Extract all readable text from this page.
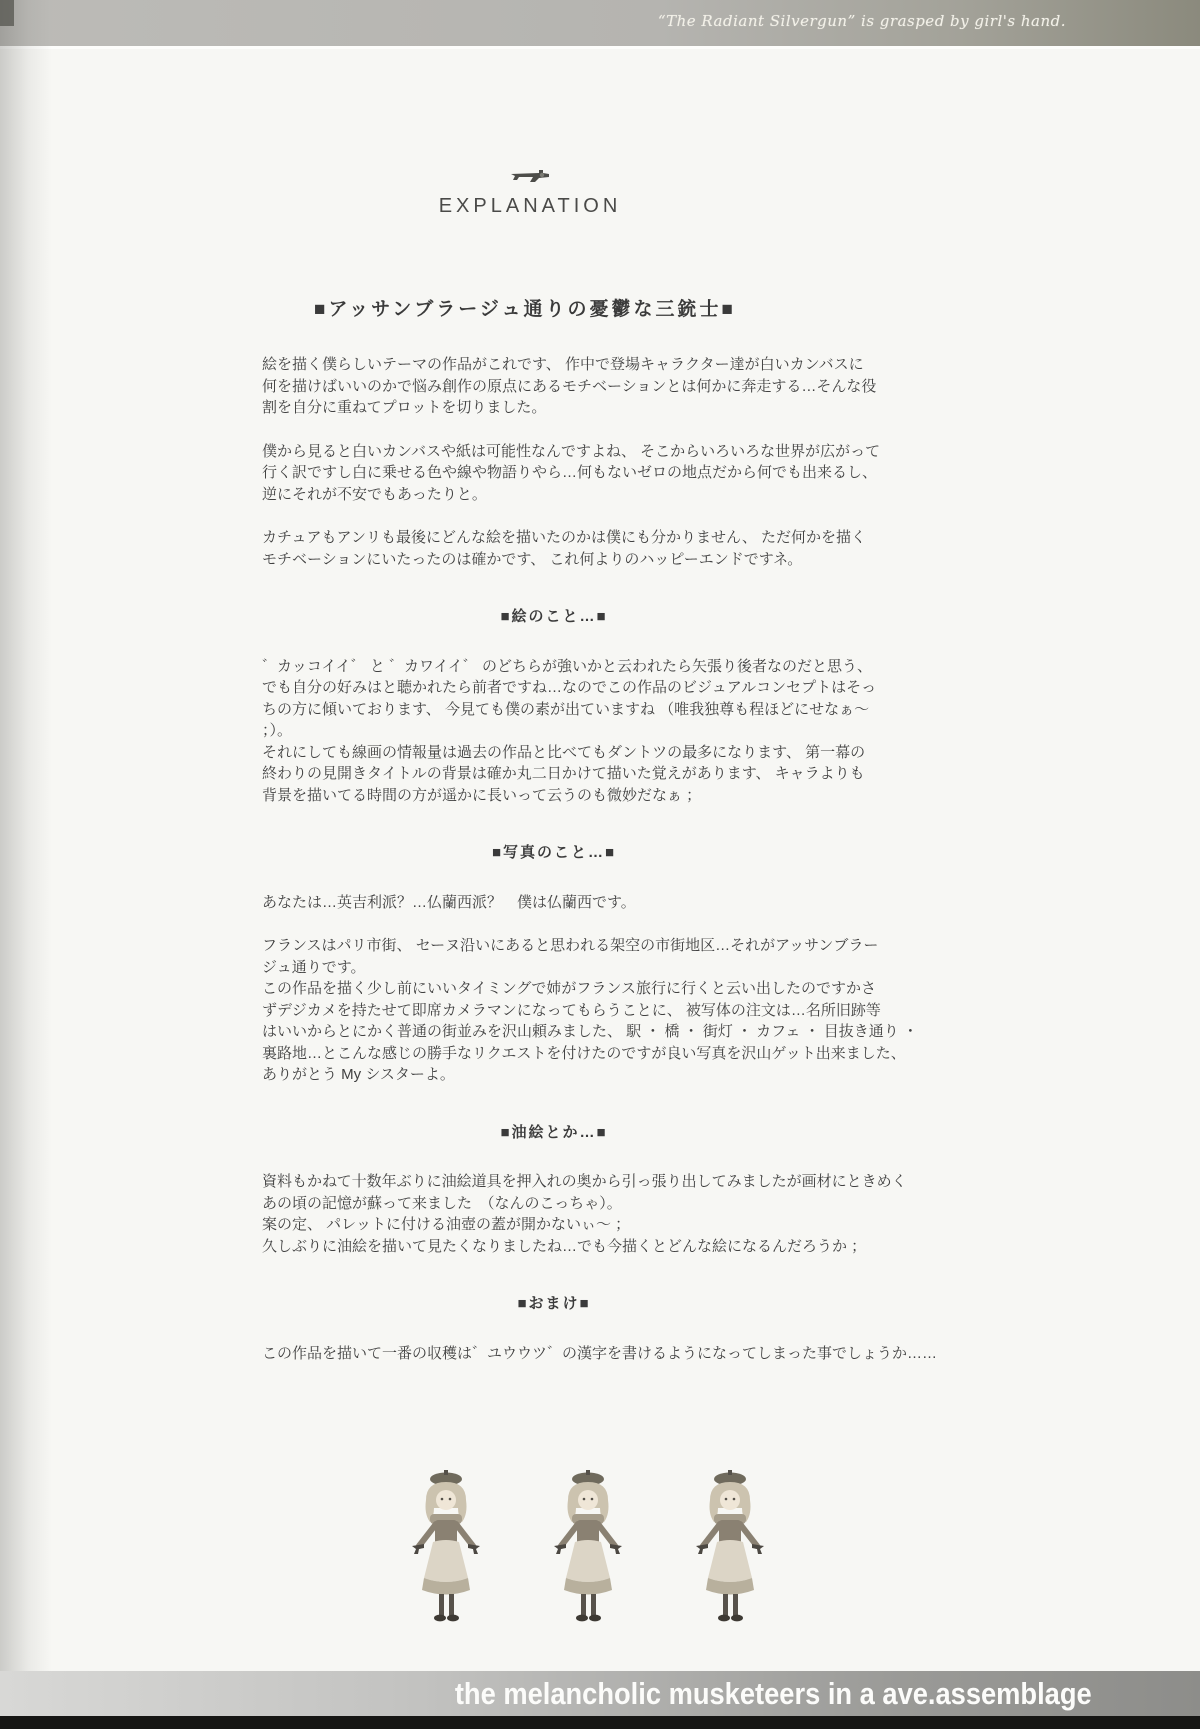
“The Radiant Silvergun” is grasped by girl's hand.
EXPLANATION
■アッサンブラージュ通りの憂鬱な三銃士■
絵を描く僕らしいテーマの作品がこれです、 作中で登場キャラクター達が白いカンバスに
何を描けばいいのかで悩み創作の原点にあるモチベーションとは何かに奔走する…そんな役
割を自分に重ねてプロットを切りました。
僕から見ると白いカンバスや紙は可能性なんですよね、 そこからいろいろな世界が広がって
行く訳ですし白に乗せる色や線や物語りやら…何もないゼロの地点だから何でも出来るし、
逆にそれが不安でもあったりと。
カチュアもアンリも最後にどんな絵を描いたのかは僕にも分かりません、 ただ何かを描く
モチベーションにいたったのは確かです、 これ何よりのハッピーエンドですネ。
■絵のこと…■
゛カッコイイ゛ と ゛カワイイ゛ のどちらが強いかと云われたら矢張り後者なのだと思う、
でも自分の好みはと聴かれたら前者ですね…なのでこの作品のビジュアルコンセプトはそっ
ちの方に傾いております、 今見ても僕の素が出ていますね （唯我独尊も程ほどにせなぁ～
；）。
それにしても線画の情報量は過去の作品と比べてもダントツの最多になります、 第一幕の
終わりの見開きタイトルの背景は確か丸二日かけて描いた覚えがあります、 キャラよりも
背景を描いてる時間の方が遥かに長いって云うのも微妙だなぁ ；
■写真のこと…■
あなたは…英吉利派？…仏蘭西派？　僕は仏蘭西です。
フランスはパリ市街、 セーヌ沿いにあると思われる架空の市街地区…それがアッサンブラー
ジュ通りです。
この作品を描く少し前にいいタイミングで姉がフランス旅行に行くと云い出したのですかさ
ずデジカメを持たせて即席カメラマンになってもらうことに、 被写体の注文は…名所旧跡等
はいいからとにかく普通の街並みを沢山頼みました、 駅 ・ 橋 ・ 街灯 ・ カフェ ・ 目抜き通り ・
裏路地…とこんな感じの勝手なリクエストを付けたのですが良い写真を沢山ゲット出来ました、
ありがとう My シスターよ。
■油絵とか…■
資料もかねて十数年ぶりに油絵道具を押入れの奥から引っ張り出してみましたが画材にときめく
あの頃の記憶が蘇って来ました　（なんのこっちゃ）。
案の定、 パレットに付ける油壺の蓋が開かないぃ～ ；
久しぶりに油絵を描いて見たくなりましたね…でも今描くとどんな絵になるんだろうか ；
■おまけ■
この作品を描いて一番の収穫は゛ユウウツ゛の漢字を書けるようになってしまった事でしょうか……
the melancholic musketeers in a ave.assemblage
